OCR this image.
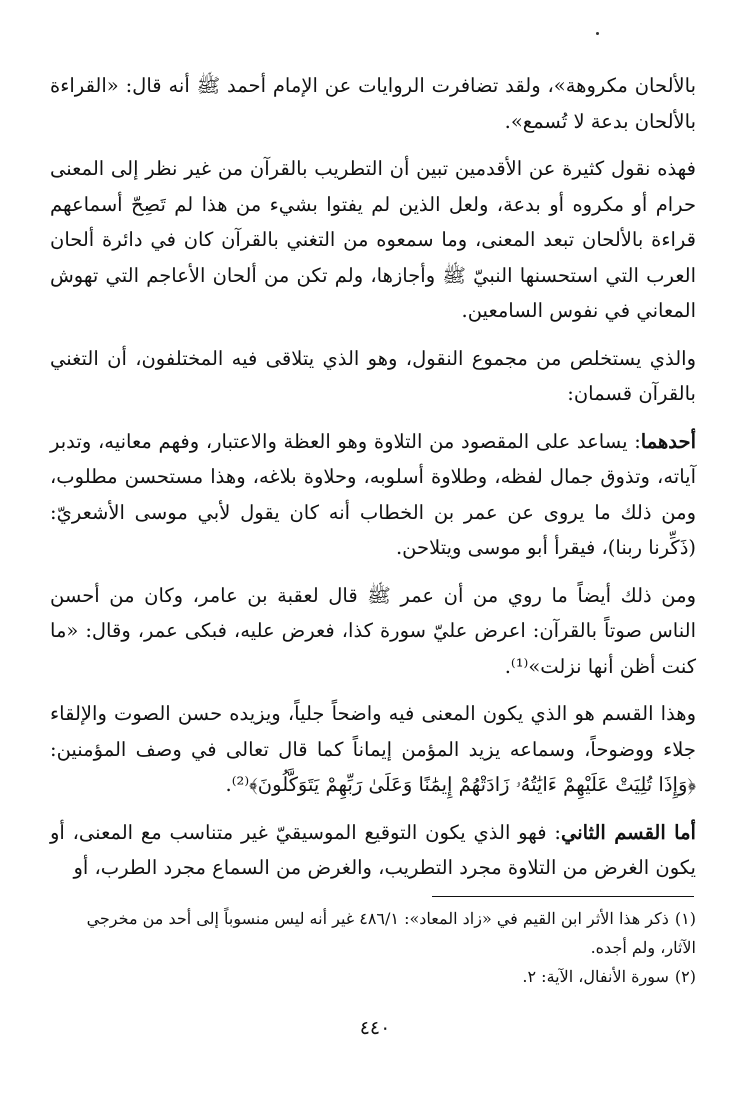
بالألحان مكروهة»، ولقد تضافرت الروايات عن الإمام أحمد ﷺ أنه قال: «القراءة بالألحان بدعة لا تُسمع».

فهذه نقول كثيرة عن الأقدمين تبين أن التطريب بالقرآن من غير نظر إلى المعنى حرام أو مكروه أو بدعة، ولعل الذين لم يفتوا بشيء من هذا لم تَصِحّ أسماعهم قراءة بالألحان تبعد المعنى، وما سمعوه من التغني بالقرآن كان في دائرة ألحان العرب التي استحسنها النبيّ ﷺ وأجازها، ولم تكن من ألحان الأعاجم التي تهوش المعاني في نفوس السامعين.

والذي يستخلص من مجموع النقول، وهو الذي يتلاقى فيه المختلفون، أن التغني بالقرآن قسمان:

أحدهما: يساعد على المقصود من التلاوة وهو العظة والاعتبار، وفهم معانيه، وتدبر آياته، وتذوق جمال لفظه، وطلاوة أسلوبه، وحلاوة بلاغه، وهذا مستحسن مطلوب، ومن ذلك ما يروى عن عمر بن الخطاب أنه كان يقول لأبي موسى الأشعريّ: (ذَكِّرنا ربنا)، فيقرأ أبو موسى ويتلاحن.

ومن ذلك أيضاً ما روي من أن عمر ﷺ قال لعقبة بن عامر، وكان من أحسن الناس صوتاً بالقرآن: اعرض عليّ سورة كذا، فعرض عليه، فبكى عمر، وقال: «ما كنت أظن أنها نزلت»⁽¹⁾.

وهذا القسم هو الذي يكون المعنى فيه واضحاً جلياً، ويزيده حسن الصوت والإلقاء جلاء ووضوحاً، وسماعه يزيد المؤمن إيماناً كما قال تعالى في وصف المؤمنين: ﴿وَإِذَا تُلِيَتْ عَلَيْهِمْ ءَايَٰتُهُۥ زَادَتْهُمْ إِيمَٰنًا وَعَلَىٰ رَبِّهِمْ يَتَوَكَّلُونَ﴾⁽²⁾.

أما القسم الثاني: فهو الذي يكون التوقيع الموسيقيّ غير متناسب مع المعنى، أو يكون الغرض من التلاوة مجرد التطريب، والغرض من السماع مجرد الطرب، أو

(١)ذكر هذا الأثر ابن القيم في «زاد المعاد»: ٤٨٦/١ غير أنه ليس منسوباً إلى أحد من مخرجي الآثار، ولم أجده.

(٢)سورة الأنفال، الآية: ٢.

٤٤٠
